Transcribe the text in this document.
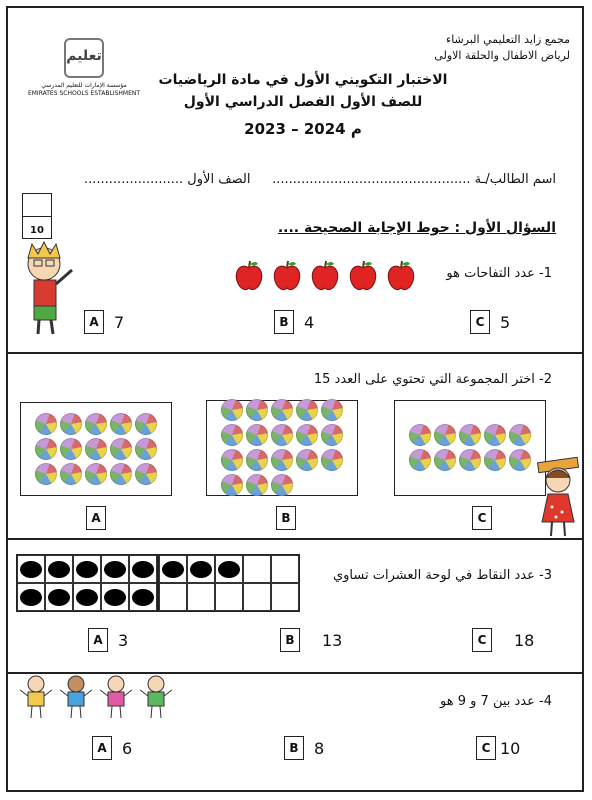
مجمع زايد التعليمي البرشاء
لرياض الاطفال والحلقة الاولى
تعليم
مؤسسة الإمارات للتعليم المدرسي
EMIRATES SCHOOLS ESTABLISHMENT
الاختبار التكويني الأول في مادة الرياضيات
للصف الأول الفصل الدراسي الأول
2023 – 2024 م
اسم الطالب/ـة ................................................
الصف الأول ........................
10	السؤال الأول : حوط الإجابة الصحيحة ....
1- عدد التفاحات هو
A 7	B 4	C 5
2- اختر المجموعة التي تحتوي على العدد 15
A	B	C
3- عدد النقاط في لوحة العشرات تساوي
A 3	B	13	C	18
4- عدد بين 7 و 9 هو
A 6	B 8	C 10
